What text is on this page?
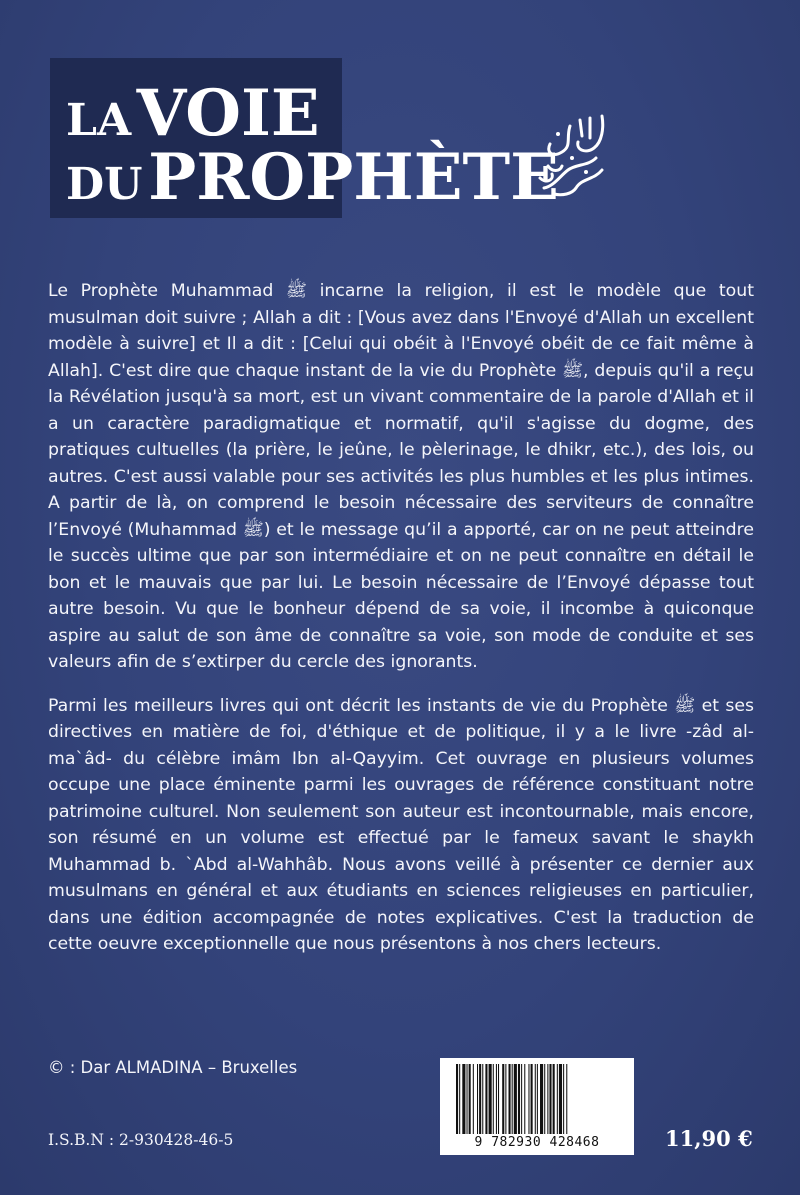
LA VOIE
DU PROPHÈTE

Le Prophète Muhammad ﷺ incarne la religion, il est le modèle que tout musulman doit suivre ; Allah a dit : [Vous avez dans l'Envoyé d'Allah un excellent modèle à suivre] et Il a dit : [Celui qui obéit à l'Envoyé obéit de ce fait même à Allah]. C'est dire que chaque instant de la vie du Prophète ﷺ, depuis qu'il a reçu la Révélation jusqu'à sa mort, est un vivant commentaire de la parole d'Allah et il a un caractère paradigmatique et normatif, qu'il s'agisse du dogme, des pratiques cultuelles (la prière, le jeûne, le pèlerinage, le dhikr, etc.), des lois, ou autres. C'est aussi valable pour ses activités les plus humbles et les plus intimes. A partir de là, on comprend le besoin nécessaire des serviteurs de connaître l’Envoyé (Muhammad ﷺ) et le message qu’il a apporté, car on ne peut atteindre le succès ultime que par son intermédiaire et on ne peut connaître en détail le bon et le mauvais que par lui. Le besoin nécessaire de l’Envoyé dépasse tout autre besoin. Vu que le bonheur dépend de sa voie, il incombe à quiconque aspire au salut de son âme de connaître sa voie, son mode de conduite et ses valeurs afin de s’extirper du cercle des ignorants.

Parmi les meilleurs livres qui ont décrit les instants de vie du Prophète ﷺ et ses directives en matière de foi, d'éthique et de politique, il y a le livre -zâd al-ma`âd- du célèbre imâm Ibn al-Qayyim. Cet ouvrage en plusieurs volumes occupe une place éminente parmi les ouvrages de référence constituant notre patrimoine culturel. Non seulement son auteur est incontournable, mais encore, son résumé en un volume est effectué par le fameux savant le shaykh Muhammad b. `Abd al-Wahhâb. Nous avons veillé à présenter ce dernier aux musulmans en général et aux étudiants en sciences religieuses en particulier, dans une édition accompagnée de notes explicatives. C'est la traduction de cette oeuvre exceptionnelle que nous présentons à nos chers lecteurs.

© : Dar ALMADINA – Bruxelles
I.S.B.N : 2-930428-46-5	9 782930 428468	11,90 €
